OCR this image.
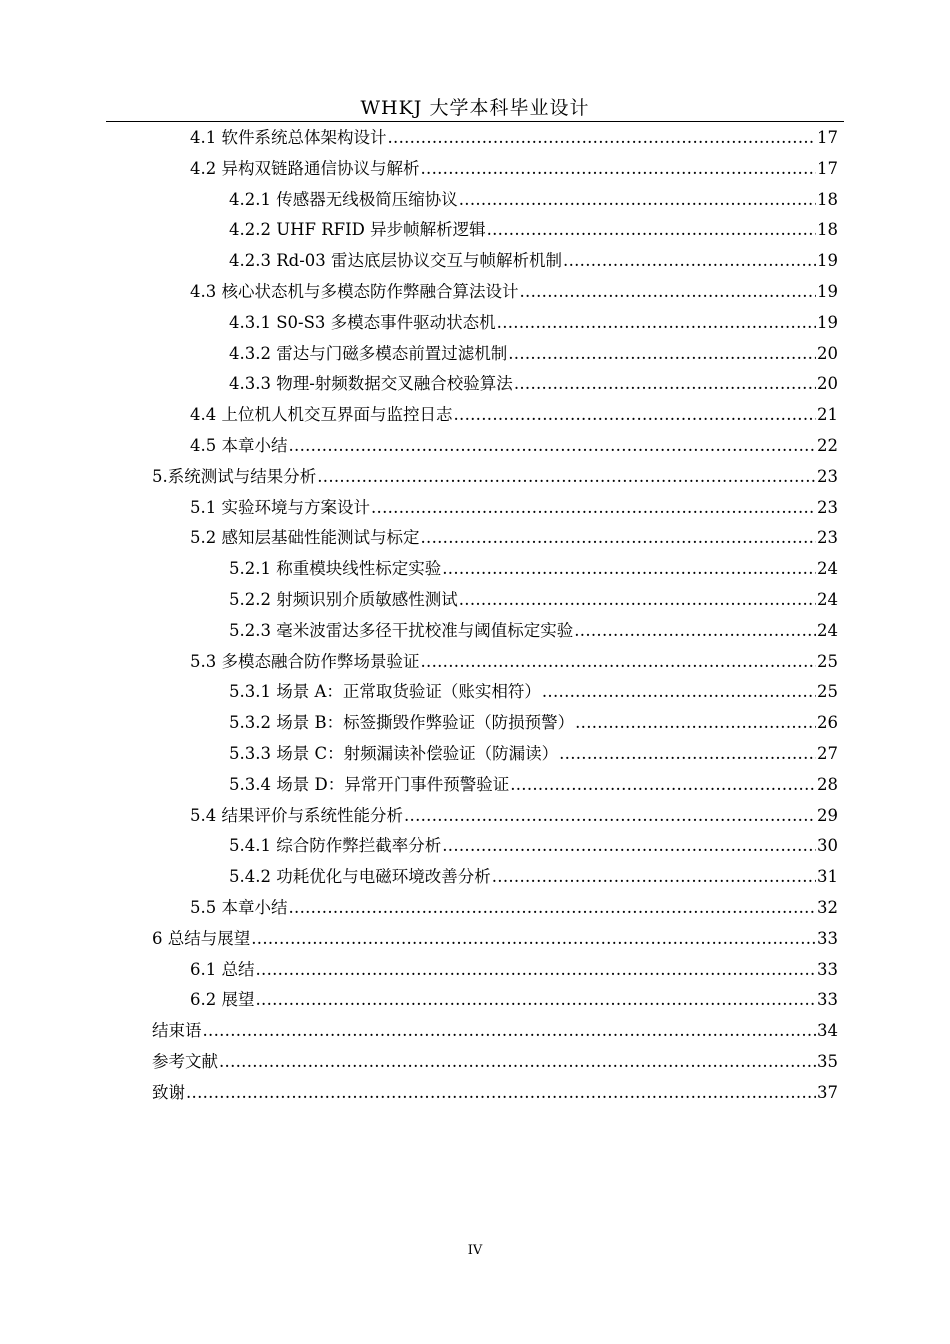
WHKJ 大学本科毕业设计
4.1 软件系统总体架构设计 .....	17
4.2 异构双链路通信协议与解析 .....	17
4.2.1 传感器无线极简压缩协议 .....	18
4.2.2 UHF RFID 异步帧解析逻辑 .....	18
4.2.3 Rd-03 雷达底层协议交互与帧解析机制 .....	19
4.3 核心状态机与多模态防作弊融合算法设计 .....	19
4.3.1 S0-S3 多模态事件驱动状态机 .....	19
4.3.2 雷达与门磁多模态前置过滤机制 .....	20
4.3.3 物理-射频数据交叉融合校验算法 .....	20
4.4 上位机人机交互界面与监控日志 .....	21
4.5 本章小结 .....	22
5.系统测试与结果分析 .....	23
5.1 实验环境与方案设计 .....	23
5.2 感知层基础性能测试与标定 .....	23
5.2.1 称重模块线性标定实验 .....	24
5.2.2 射频识别介质敏感性测试 .....	24
5.2.3 毫米波雷达多径干扰校准与阈值标定实验 .....	24
5.3 多模态融合防作弊场景验证 .....	25
5.3.1 场景 A：正常取货验证（账实相符） .....	25
5.3.2 场景 B：标签撕毁作弊验证（防损预警） .....	26
5.3.3 场景 C：射频漏读补偿验证（防漏读） .....	27
5.3.4 场景 D：异常开门事件预警验证 .....	28
5.4 结果评价与系统性能分析 .....	29
5.4.1 综合防作弊拦截率分析 .....	30
5.4.2 功耗优化与电磁环境改善分析 .....	31
5.5 本章小结 .....	32
6 总结与展望 .....	33
6.1 总结 .....	33
6.2 展望 .....	33
结束语 .....	34
参考文献 .....	35
致谢 .....	37
IV
